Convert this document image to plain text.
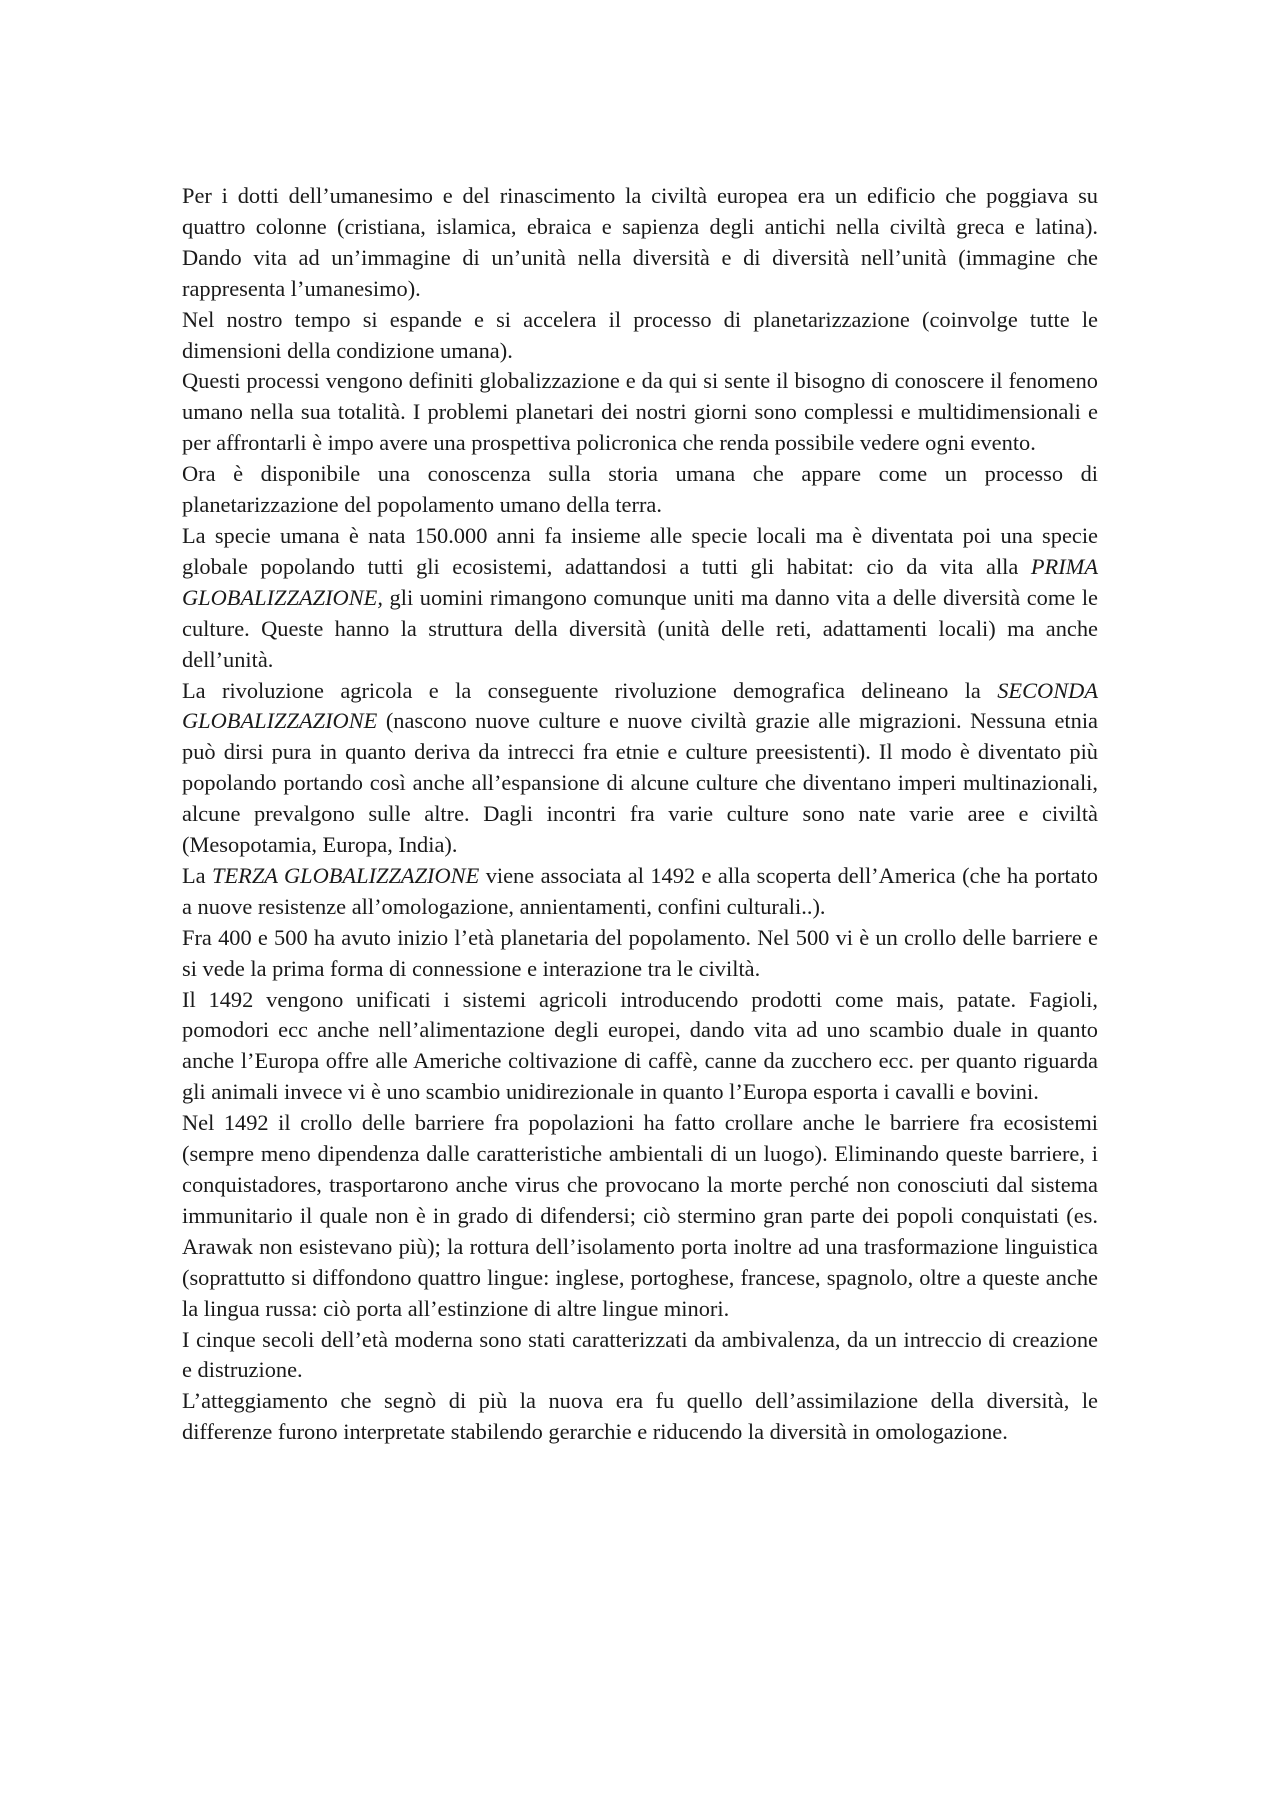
Per i dotti dell’umanesimo e del rinascimento la civiltà europea era un edificio che poggiava su quattro colonne (cristiana, islamica, ebraica e sapienza degli antichi nella civiltà greca e latina). Dando vita ad un’immagine di un’unità nella diversità e di diversità nell’unità (immagine che rappresenta l’umanesimo).

Nel nostro tempo si espande e si accelera il processo di planetarizzazione (coinvolge tutte le dimensioni della condizione umana).

Questi processi vengono definiti globalizzazione e da qui si sente il bisogno di conoscere il fenomeno umano nella sua totalità. I problemi planetari dei nostri giorni sono complessi e multidimensionali e per affrontarli è impo avere una prospettiva policronica che renda possibile vedere ogni evento.

Ora è disponibile una conoscenza sulla storia umana che appare come un processo di planetarizzazione del popolamento umano della terra.

La specie umana è nata 150.000 anni fa insieme alle specie locali ma è diventata poi una specie globale popolando tutti gli ecosistemi, adattandosi a tutti gli habitat: cio da vita alla PRIMA GLOBALIZZAZIONE, gli uomini rimangono comunque uniti ma danno vita a delle diversità come le culture. Queste hanno la struttura della diversità (unità delle reti, adattamenti locali) ma anche dell’unità.

La rivoluzione agricola e la conseguente rivoluzione demografica delineano la SECONDA GLOBALIZZAZIONE (nascono nuove culture e nuove civiltà grazie alle migrazioni. Nessuna etnia può dirsi pura in quanto deriva da intrecci fra etnie e culture preesistenti). Il modo è diventato più popolando portando così anche all’espansione di alcune culture che diventano imperi multinazionali, alcune prevalgono sulle altre. Dagli incontri fra varie culture sono nate varie aree e civiltà (Mesopotamia, Europa, India).

La TERZA GLOBALIZZAZIONE viene associata al 1492 e alla scoperta dell’America (che ha portato a nuove resistenze all’omologazione, annientamenti, confini culturali..).

Fra 400 e 500 ha avuto inizio l’età planetaria del popolamento. Nel 500 vi è un crollo delle barriere e si vede la prima forma di connessione e interazione tra le civiltà.

Il 1492 vengono unificati i sistemi agricoli introducendo prodotti come mais, patate. Fagioli, pomodori ecc anche nell’alimentazione degli europei, dando vita ad uno scambio duale in quanto anche l’Europa offre alle Americhe coltivazione di caffè, canne da zucchero ecc. per quanto riguarda gli animali invece vi è uno scambio unidirezionale in quanto l’Europa esporta i cavalli e bovini.

Nel 1492 il crollo delle barriere fra popolazioni ha fatto crollare anche le barriere fra ecosistemi (sempre meno dipendenza dalle caratteristiche ambientali di un luogo). Eliminando queste barriere, i conquistadores, trasportarono anche virus che provocano la morte perché non conosciuti dal sistema immunitario il quale non è in grado di difendersi; ciò stermino gran parte dei popoli conquistati (es. Arawak non esistevano più); la rottura dell’isolamento porta inoltre ad una trasformazione linguistica (soprattutto si diffondono quattro lingue: inglese, portoghese, francese, spagnolo, oltre a queste anche la lingua russa: ciò porta all’estinzione di altre lingue minori.

I cinque secoli dell’età moderna sono stati caratterizzati da ambivalenza, da un intreccio di creazione e distruzione.

L’atteggiamento che segnò di più la nuova era fu quello dell’assimilazione della diversità, le differenze furono interpretate stabilendo gerarchie e riducendo la diversità in omologazione.
